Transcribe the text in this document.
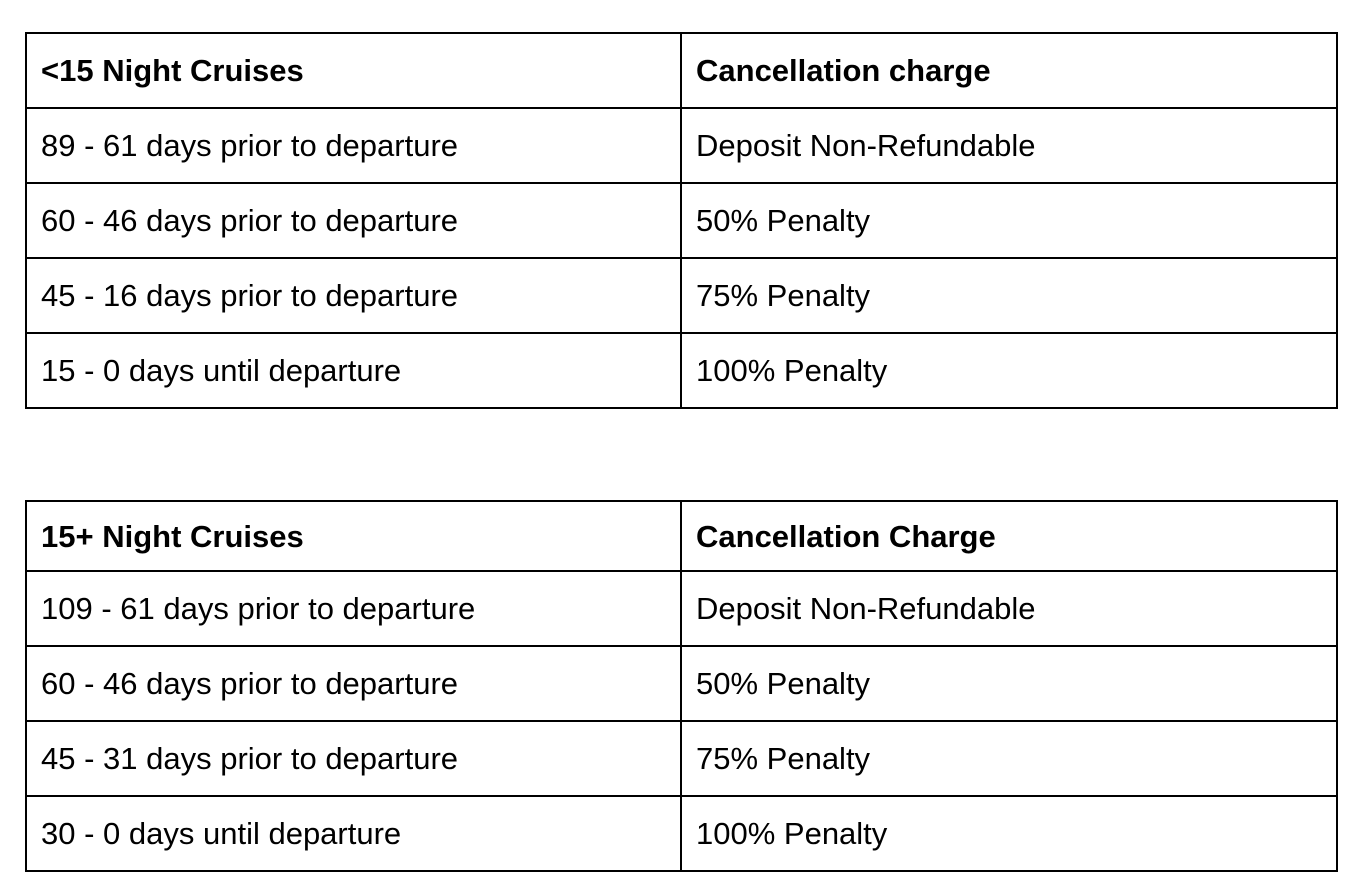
<15 Night Cruises	Cancellation charge
89 - 61 days prior to departure	Deposit Non-Refundable
60 - 46 days prior to departure	50% Penalty
45 - 16 days prior to departure	75% Penalty
15 - 0 days until departure	100% Penalty
15+ Night Cruises	Cancellation Charge
109 - 61 days prior to departure	Deposit Non-Refundable
60 - 46 days prior to departure	50% Penalty
45 - 31 days prior to departure	75% Penalty
30 - 0 days until departure	100% Penalty
